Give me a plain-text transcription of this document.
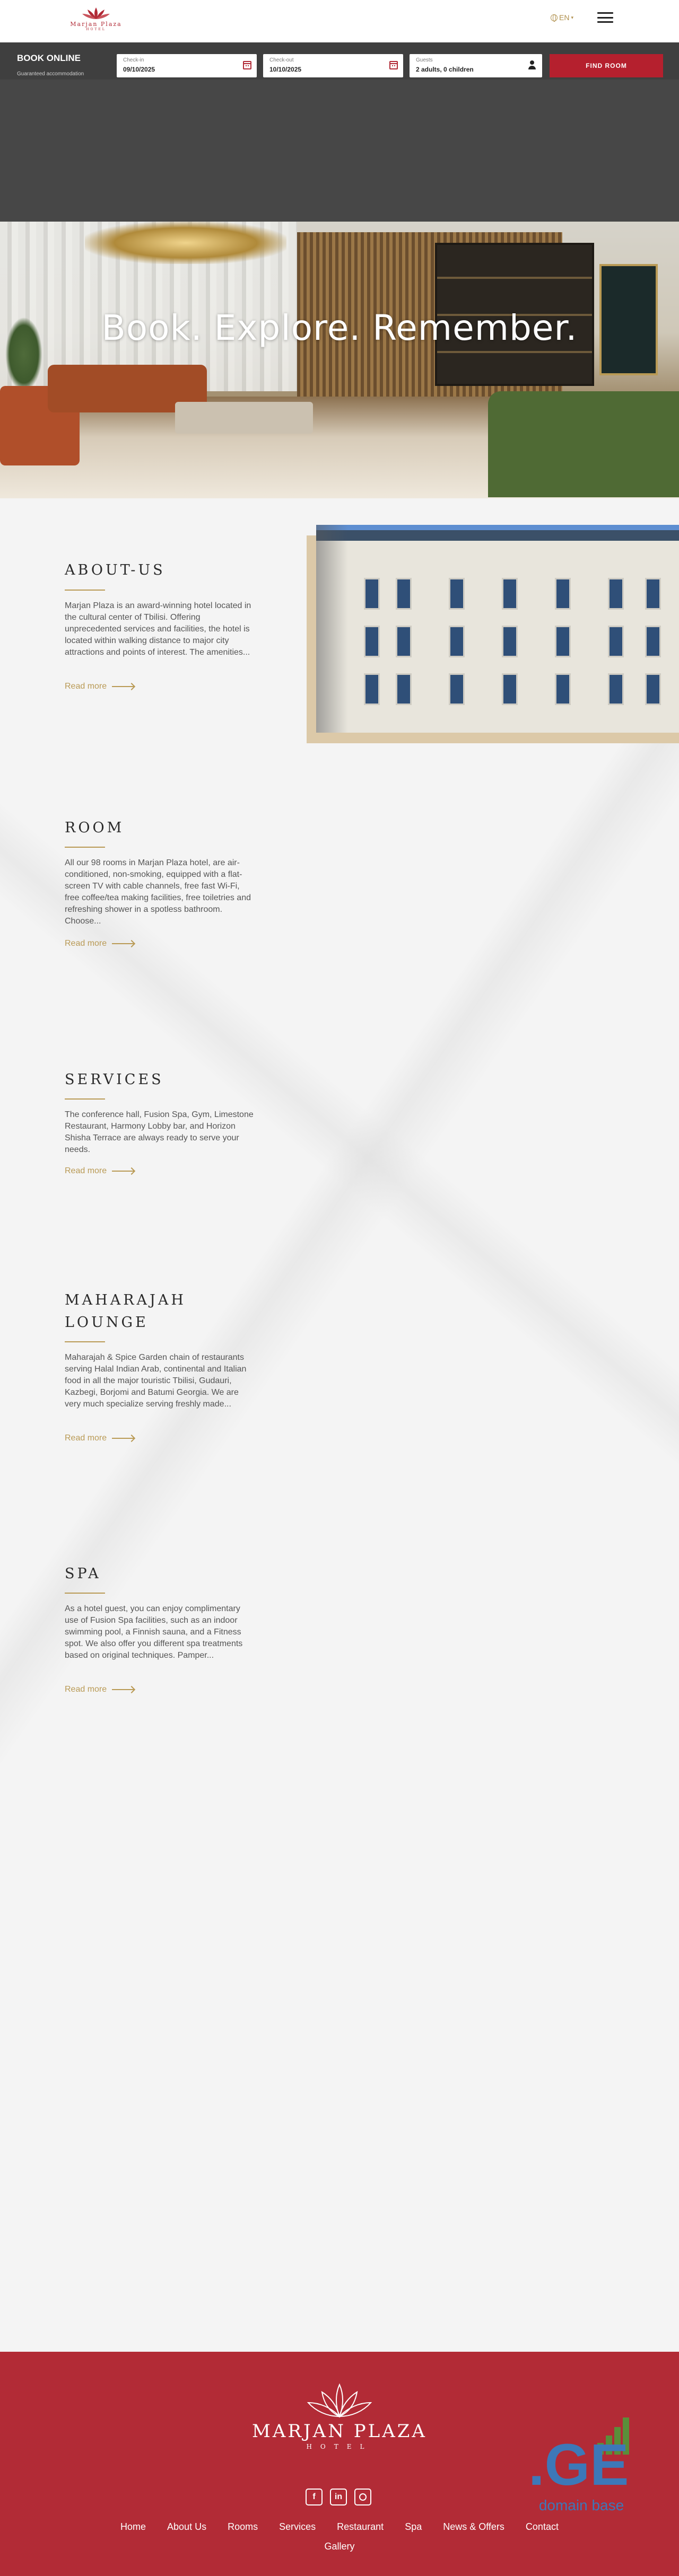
Marjan Plaza
HOTEL
EN ▾
BOOK ONLINE
Guaranteed accommodation
Check-in
09/10/2025
Check-out
10/10/2025
Guests
2 adults, 0 children	FIND ROOM
Book. Explore. Remember.
ABOUT-US

Marjan Plaza is an award-winning hotel located in the cultural center of Tbilisi. Offering unprecedented services and facilities, the hotel is located within walking distance to major city attractions and points of interest. The amenities...

Read more
ROOM

All our 98 rooms in Marjan Plaza hotel, are air-conditioned, non-smoking, equipped with a flat-screen TV with cable channels, free fast Wi-Fi, free coffee/tea making facilities, free toiletries and refreshing shower in a spotless bathroom. Choose...

Read more
SERVICES

The conference hall, Fusion Spa, Gym, Limestone Restaurant, Harmony Lobby bar, and Horizon Shisha Terrace are always ready to serve your needs.

Read more
MAHARAJAH LOUNGE

Maharajah & Spice Garden chain of restaurants serving Halal Indian Arab, continental and Italian food in all the major touristic Tbilisi, Gudauri, Kazbegi, Borjomi and Batumi Georgia. We are very much specialize serving freshly made...

Read more
SPA

As a hotel guest, you can enjoy complimentary use of Fusion Spa facilities, such as an indoor swimming pool, a Finnish sauna, and a Fitness spot. We also offer you different spa treatments based on original techniques. Pamper...

Read more
MARJAN PLAZA
HOTEL
f	in
Home About Us Rooms Services Restaurant Spa News & Offers Contact
Gallery
.GE
domain base
